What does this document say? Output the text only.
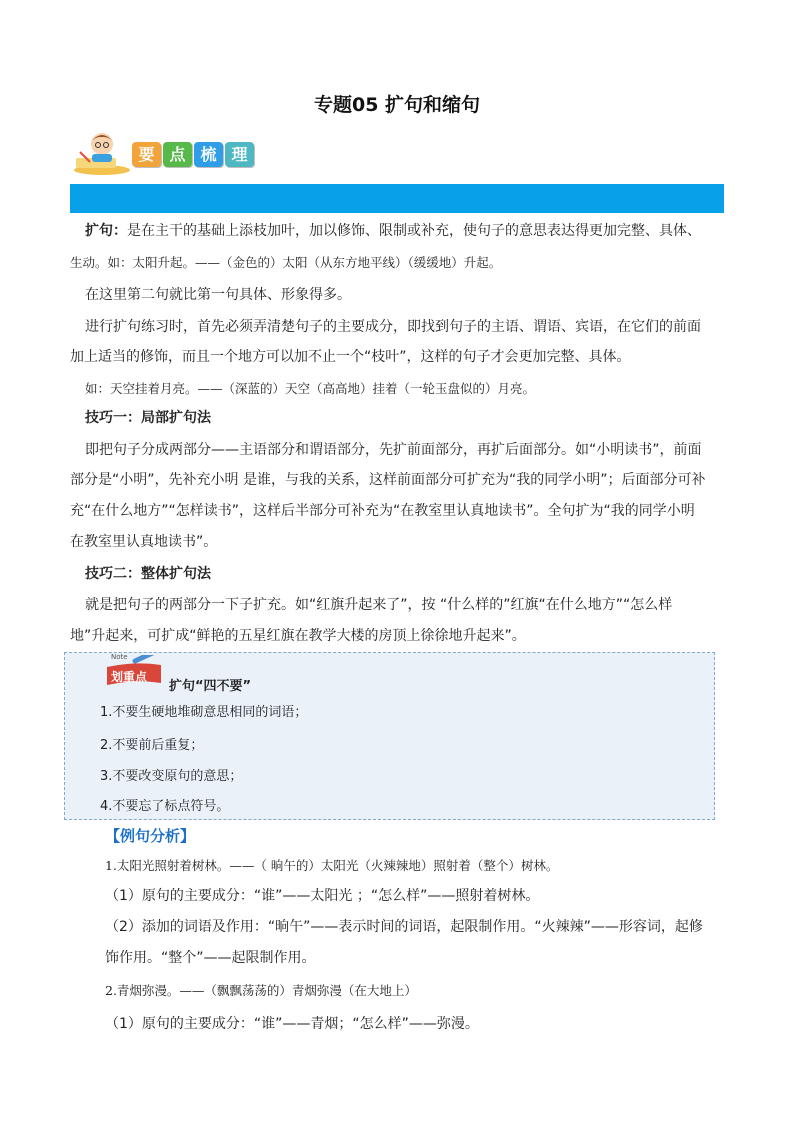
专题05 扩句和缩句
要 点 梳 理
扩句：是在主干的基础上添枝加叶，加以修饰、限制或补充，使句子的意思表达得更加完整、具体、
生动。如：太阳升起。——（金色的）太阳（从东方地平线）（缓缓地）升起。
在这里第二句就比第一句具体、形象得多。
进行扩句练习时，首先必须弄清楚句子的主要成分，即找到句子的主语、谓语、宾语，在它们的前面
加上适当的修饰，而且一个地方可以加不止一个“枝叶”，这样的句子才会更加完整、具体。
如：天空挂着月亮。——（深蓝的）天空（高高地）挂着（一轮玉盘似的）月亮。
技巧一：局部扩句法
即把句子分成两部分——主语部分和谓语部分，先扩前面部分，再扩后面部分。如“小明读书”，前面
部分是“小明”，先补充小明 是谁，与我的关系，这样前面部分可扩充为“我的同学小明”；后面部分可补
充“在什么地方”“怎样读书”，这样后半部分可补充为“在教室里认真地读书”。全句扩为“我的同学小明
在教室里认真地读书”。
技巧二：整体扩句法
就是把句子的两部分一下子扩充。如“红旗升起来了”，按 “什么样的”红旗“在什么地方”“怎么样
地”升起来，可扩成“鲜艳的五星红旗在教学大楼的房顶上徐徐地升起来”。
Note
划重点
扩句“四不要”
1.不要生硬地堆砌意思相同的词语；
2.不要前后重复；
3.不要改变原句的意思；
4.不要忘了标点符号。
【例句分析】
1.太阳光照射着树林。——（ 晌午的）太阳光（火辣辣地）照射着（整个）树林。
（1）原句的主要成分：“谁”——太阳光 ；“怎么样”——照射着树林。
（2）添加的词语及作用：“晌午”——表示时间的词语，起限制作用。“火辣辣”——形容词，起修
饰作用。“整个”——起限制作用。
2.青烟弥漫。——（飘飘荡荡的）青烟弥漫（在大地上）
（1）原句的主要成分：“谁”——青烟；“怎么样”——弥漫。
